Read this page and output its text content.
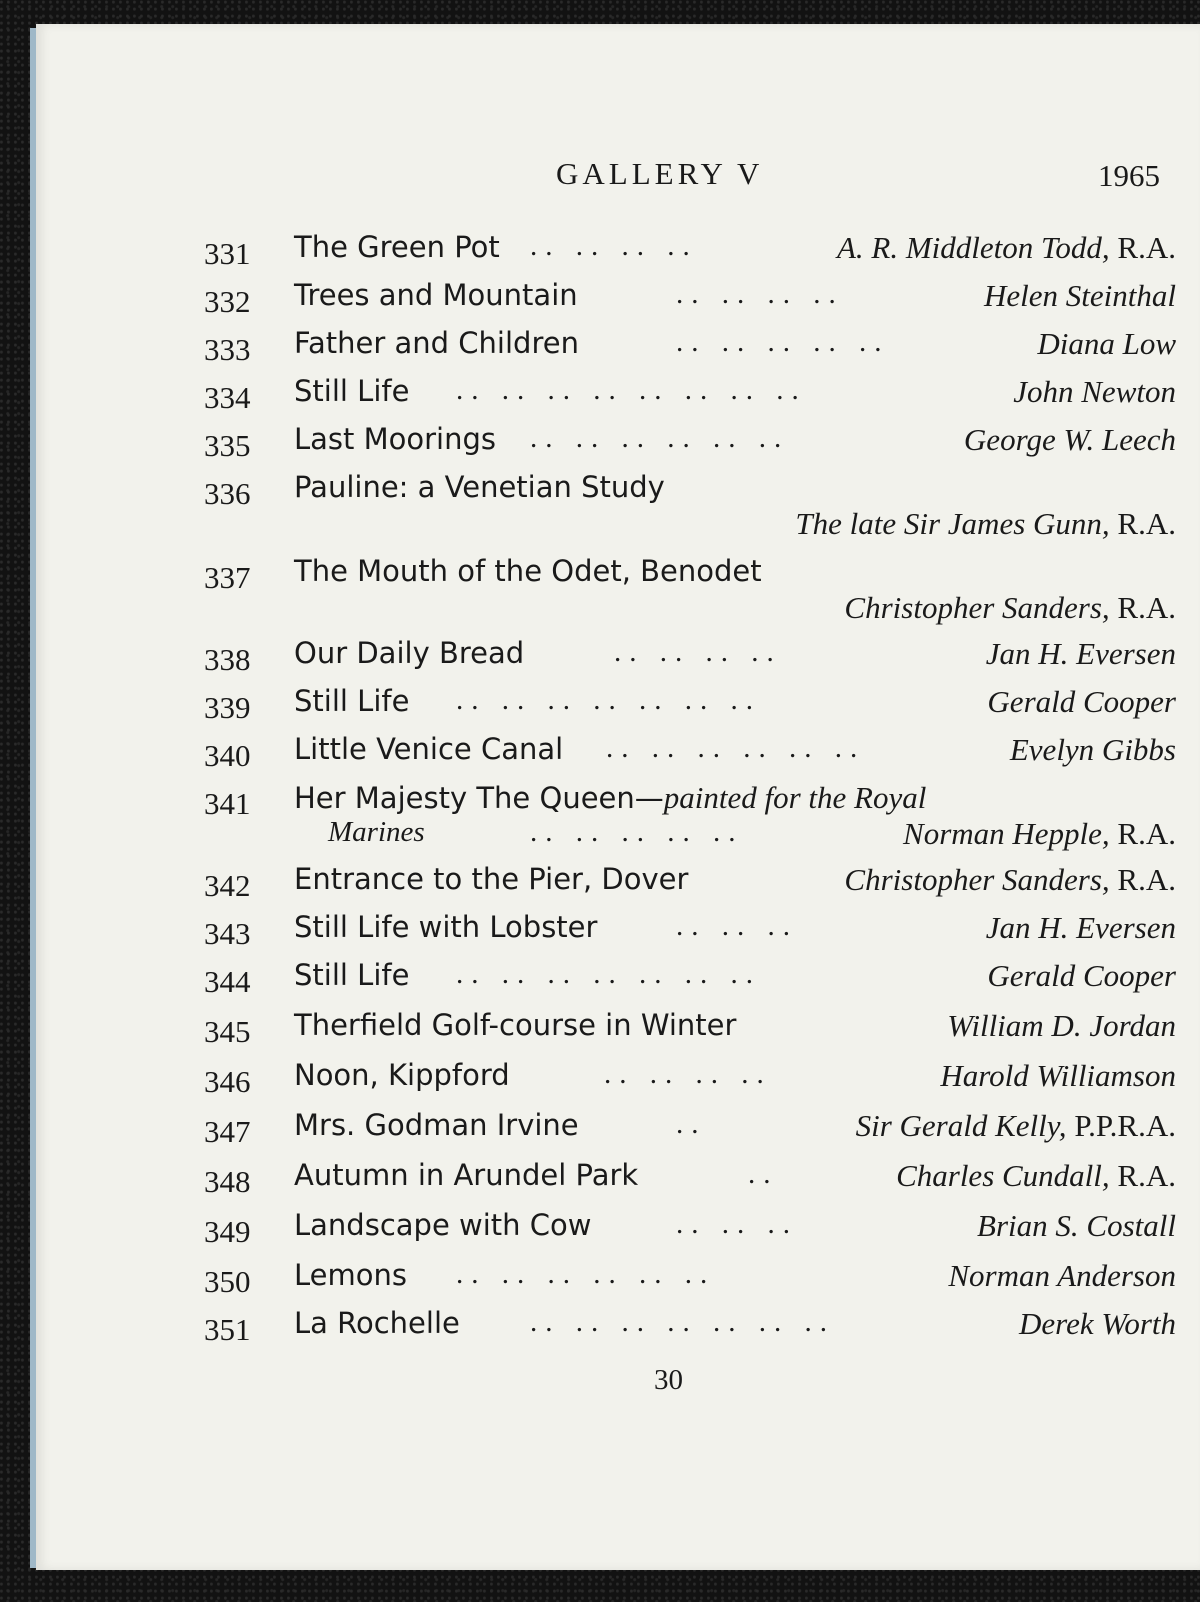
GALLERY V	1965
331 The Green Pot .. .. .. ..	A. R. Middleton Todd, R.A.
332 Trees and Mountain	.. .. .. ..	Helen Steinthal
333 Father and Children	.. .. .. .. ..	Diana Low
334 Still Life .. .. .. .. .. .. .. ..	John Newton
335 Last Moorings .. .. .. .. .. ..	George W. Leech
336 Pauline: a Venetian Study
The late Sir James Gunn, R.A.
337 The Mouth of the Odet, Benodet
Christopher Sanders, R.A.
338 Our Daily Bread	.. .. .. ..	Jan H. Eversen
339 Still Life .. .. .. .. .. .. ..	Gerald Cooper
340 Little Venice Canal .. .. .. .. .. ..	Evelyn Gibbs
341 Her Majesty The Queen—painted for the Royal
Marines	.. .. .. .. ..	Norman Hepple, R.A.
342 Entrance to the Pier, Dover	Christopher Sanders, R.A.
343 Still Life with Lobster	.. .. ..	Jan H. Eversen
344 Still Life .. .. .. .. .. .. ..	Gerald Cooper
345 Therfield Golf-course in Winter	William D. Jordan
346 Noon, Kippford	.. .. .. ..	Harold Williamson
347 Mrs. Godman Irvine	..	Sir Gerald Kelly, P.P.R.A.
348 Autumn in Arundel Park	..	Charles Cundall, R.A.
349 Landscape with Cow	.. .. ..	Brian S. Costall
350 Lemons .. .. .. .. .. ..	Norman Anderson
351 La Rochelle .. .. .. .. .. .. ..	Derek Worth
30
